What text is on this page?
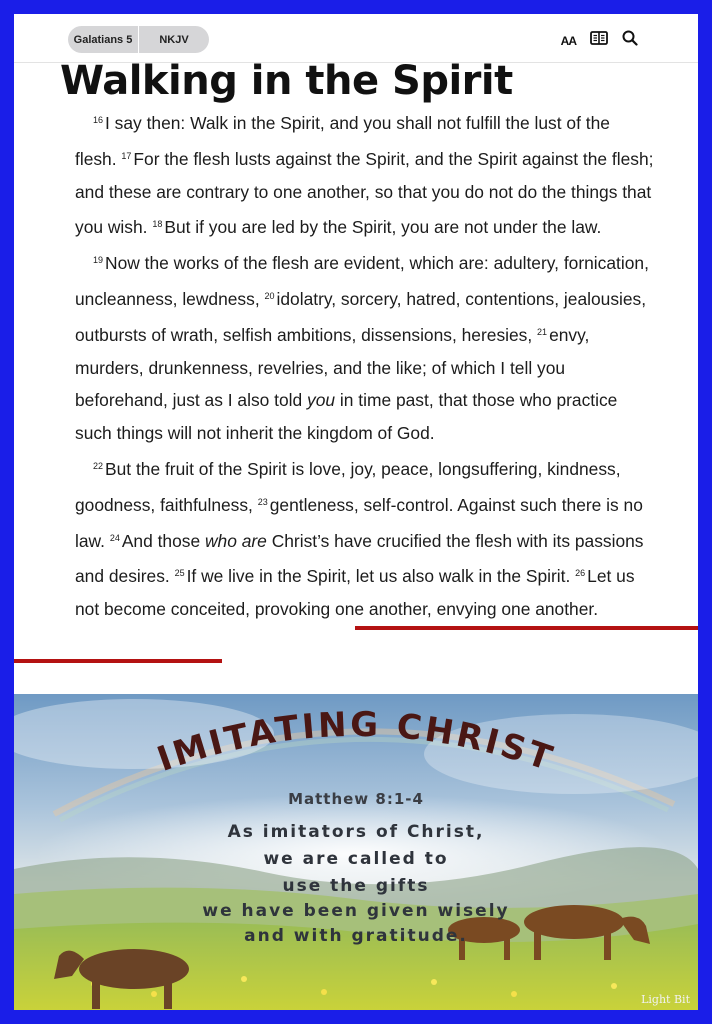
Galatians 5	NKJV	AA
Walking in the Spirit

$^{16}$ I say then: Walk in the Spirit, and you shall not fulfill the lust of the flesh. $^{17}$ For the flesh lusts against the Spirit, and the Spirit against the flesh; and these are contrary to one another, so that you do not do the things that you wish. $^{18}$ But if you are led by the Spirit, you are not under the law.

$^{19}$ Now the works of the flesh are evident, which are: adultery, fornication, uncleanness, lewdness, $^{20}$ idolatry, sorcery, hatred, contentions, jealousies, outbursts of wrath, selfish ambitions, dissensions, heresies, $^{21}$ envy, murders, drunkenness, revelries, and the like; of which I tell you beforehand, just as I also told you in time past, that those who practice such things will not inherit the kingdom of God.

$^{22}$ But the fruit of the Spirit is love, joy, peace, longsuffering, kindness, goodness, faithfulness, $^{23}$ gentleness, self-control. Against such there is no law. $^{24}$ And those who are Christ’s have crucified the flesh with its passions and desires. $^{25}$ If we live in the Spirit, let us also walk in the Spirit. $^{26}$ Let us not become conceited, provoking one another, envying one another.

IMITATING CHRIST
Matthew 8:1-4
As imitators of Christ,
we are called to
use the gifts
we have been given wisely
and with gratitude.
Light Bit
